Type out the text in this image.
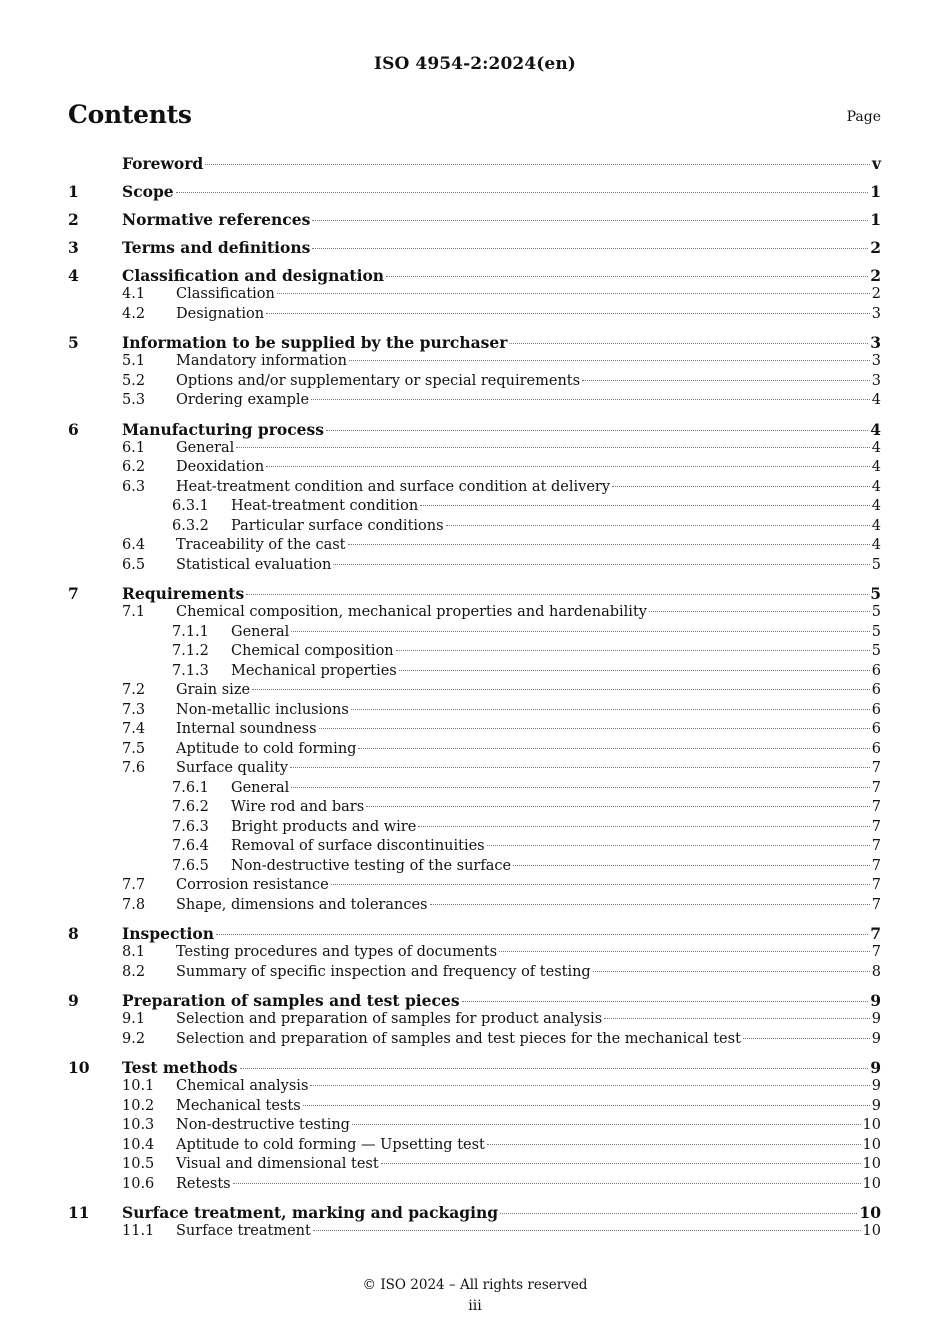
ISO 4954-2:2024(en)
Contents	Page
Foreword	v
1	Scope	1
2	Normative references	1
3	Terms and definitions	2
4	Classification and designation	2
4.1	Classification	2
4.2	Designation	3
5	Information to be supplied by the purchaser	3
5.1	Mandatory information	3
5.2	Options and/or supplementary or special requirements	3
5.3	Ordering example	4
6	Manufacturing process	4
6.1	General	4
6.2	Deoxidation	4
6.3	Heat-treatment condition and surface condition at delivery	4
6.3.1	Heat-treatment condition	4
6.3.2	Particular surface conditions	4
6.4	Traceability of the cast	4
6.5	Statistical evaluation	5
7	Requirements	5
7.1	Chemical composition, mechanical properties and hardenability	5
7.1.1	General	5
7.1.2	Chemical composition	5
7.1.3	Mechanical properties	6
7.2	Grain size	6
7.3	Non-metallic inclusions	6
7.4	Internal soundness	6
7.5	Aptitude to cold forming	6
7.6	Surface quality	7
7.6.1	General	7
7.6.2	Wire rod and bars	7
7.6.3	Bright products and wire	7
7.6.4	Removal of surface discontinuities	7
7.6.5	Non-destructive testing of the surface	7
7.7	Corrosion resistance	7
7.8	Shape, dimensions and tolerances	7
8	Inspection	7
8.1	Testing procedures and types of documents	7
8.2	Summary of specific inspection and frequency of testing	8
9	Preparation of samples and test pieces	9
9.1	Selection and preparation of samples for product analysis	9
9.2	Selection and preparation of samples and test pieces for the mechanical test	9
10	Test methods	9
10.1	Chemical analysis	9
10.2	Mechanical tests	9
10.3	Non-destructive testing	10
10.4	Aptitude to cold forming — Upsetting test	10
10.5	Visual and dimensional test	10
10.6	Retests	10
11	Surface treatment, marking and packaging	10
11.1	Surface treatment	10
© ISO 2024 – All rights reserved
iii
